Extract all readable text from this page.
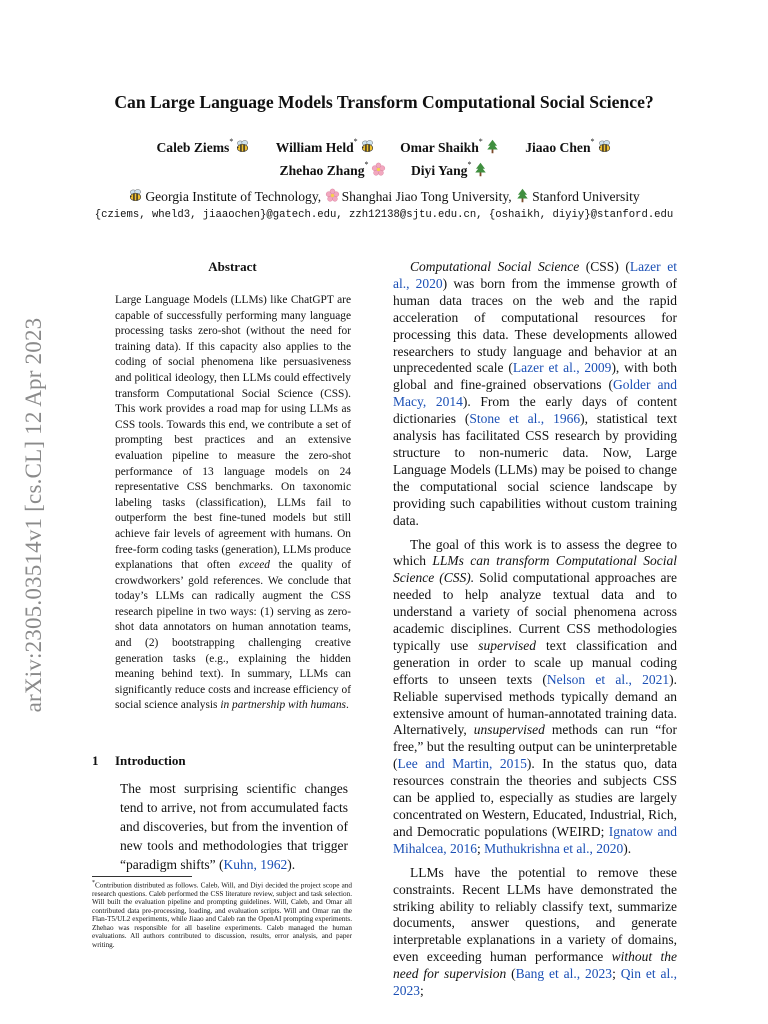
arXiv:2305.03514v1 [cs.CL] 12 Apr 2023
Can Large Language Models Transform Computational Social Science?
Caleb Ziems*	William Held*	Omar Shaikh*	Jiaao Chen*
Zhehao Zhang*	Diyi Yang*
Georgia Institute of Technology, Shanghai Jiao Tong University, Stanford University
{cziems, wheld3, jiaaochen}@gatech.edu, zzh12138@sjtu.edu.cn, {oshaikh, diyiy}@stanford.edu
Abstract
Large Language Models (LLMs) like ChatGPT are capable of successfully performing many language processing tasks zero-shot (without the need for training data). If this capacity also applies to the coding of social phenomena like persuasiveness and political ideology, then LLMs could effectively transform Computational Social Science (CSS). This work provides a road map for using LLMs as CSS tools. Towards this end, we contribute a set of prompting best practices and an extensive evaluation pipeline to measure the zero-shot performance of 13 language models on 24 representative CSS benchmarks. On taxonomic labeling tasks (classification), LLMs fail to outperform the best fine-tuned models but still achieve fair levels of agreement with humans. On free-form coding tasks (generation), LLMs produce explanations that often exceed the quality of crowdworkers’ gold references. We conclude that today’s LLMs can radically augment the CSS research pipeline in two ways: (1) serving as zero-shot data annotators on human annotation teams, and (2) bootstrapping challenging creative generation tasks (e.g., explaining the hidden meaning behind text). In summary, LLMs can significantly reduce costs and increase efficiency of social science analysis in partnership with humans.
1 Introduction
The most surprising scientific changes tend to arrive, not from accumulated facts and discoveries, but from the invention of new tools and methodologies that trigger “paradigm shifts” (Kuhn, 1962).
*Contribution distributed as follows. Caleb, Will, and Diyi decided the project scope and research questions. Caleb performed the CSS literature review, subject and task selection. Will built the evaluation pipeline and prompting guidelines. Will, Caleb, and Omar all contributed data pre-processing, loading, and evaluation scripts. Will and Omar ran the Flan-T5/UL2 experiments, while Jiaao and Caleb ran the OpenAI prompting experiments. Zhehao was responsible for all baseline experiments. Caleb managed the human evaluations. All authors contributed to discussion, results, error analysis, and paper writing.

Computational Social Science (CSS) (Lazer et al., 2020) was born from the immense growth of human data traces on the web and the rapid acceleration of computational resources for processing this data. These developments allowed researchers to study language and behavior at an unprecedented scale (Lazer et al., 2009), with both global and fine-grained observations (Golder and Macy, 2014). From the early days of content dictionaries (Stone et al., 1966), statistical text analysis has facilitated CSS research by providing structure to non-numeric data. Now, Large Language Models (LLMs) may be poised to change the computational social science landscape by providing such capabilities without custom training data.

The goal of this work is to assess the degree to which LLMs can transform Computational Social Science (CSS). Solid computational approaches are needed to help analyze textual data and to understand a variety of social phenomena across academic disciplines. Current CSS methodologies typically use supervised text classification and generation in order to scale up manual coding efforts to unseen texts (Nelson et al., 2021). Reliable supervised methods typically demand an extensive amount of human-annotated training data. Alternatively, unsupervised methods can run “for free,” but the resulting output can be uninterpretable (Lee and Martin, 2015). In the status quo, data resources constrain the theories and subjects CSS can be applied to, especially as studies are largely concentrated on Western, Educated, Industrial, Rich, and Democratic populations (WEIRD; Ignatow and Mihalcea, 2016; Muthukrishna et al., 2020).

LLMs have the potential to remove these constraints. Recent LLMs have demonstrated the striking ability to reliably classify text, summarize documents, answer questions, and generate interpretable explanations in a variety of domains, even exceeding human performance without the need for supervision (Bang et al., 2023; Qin et al., 2023;
